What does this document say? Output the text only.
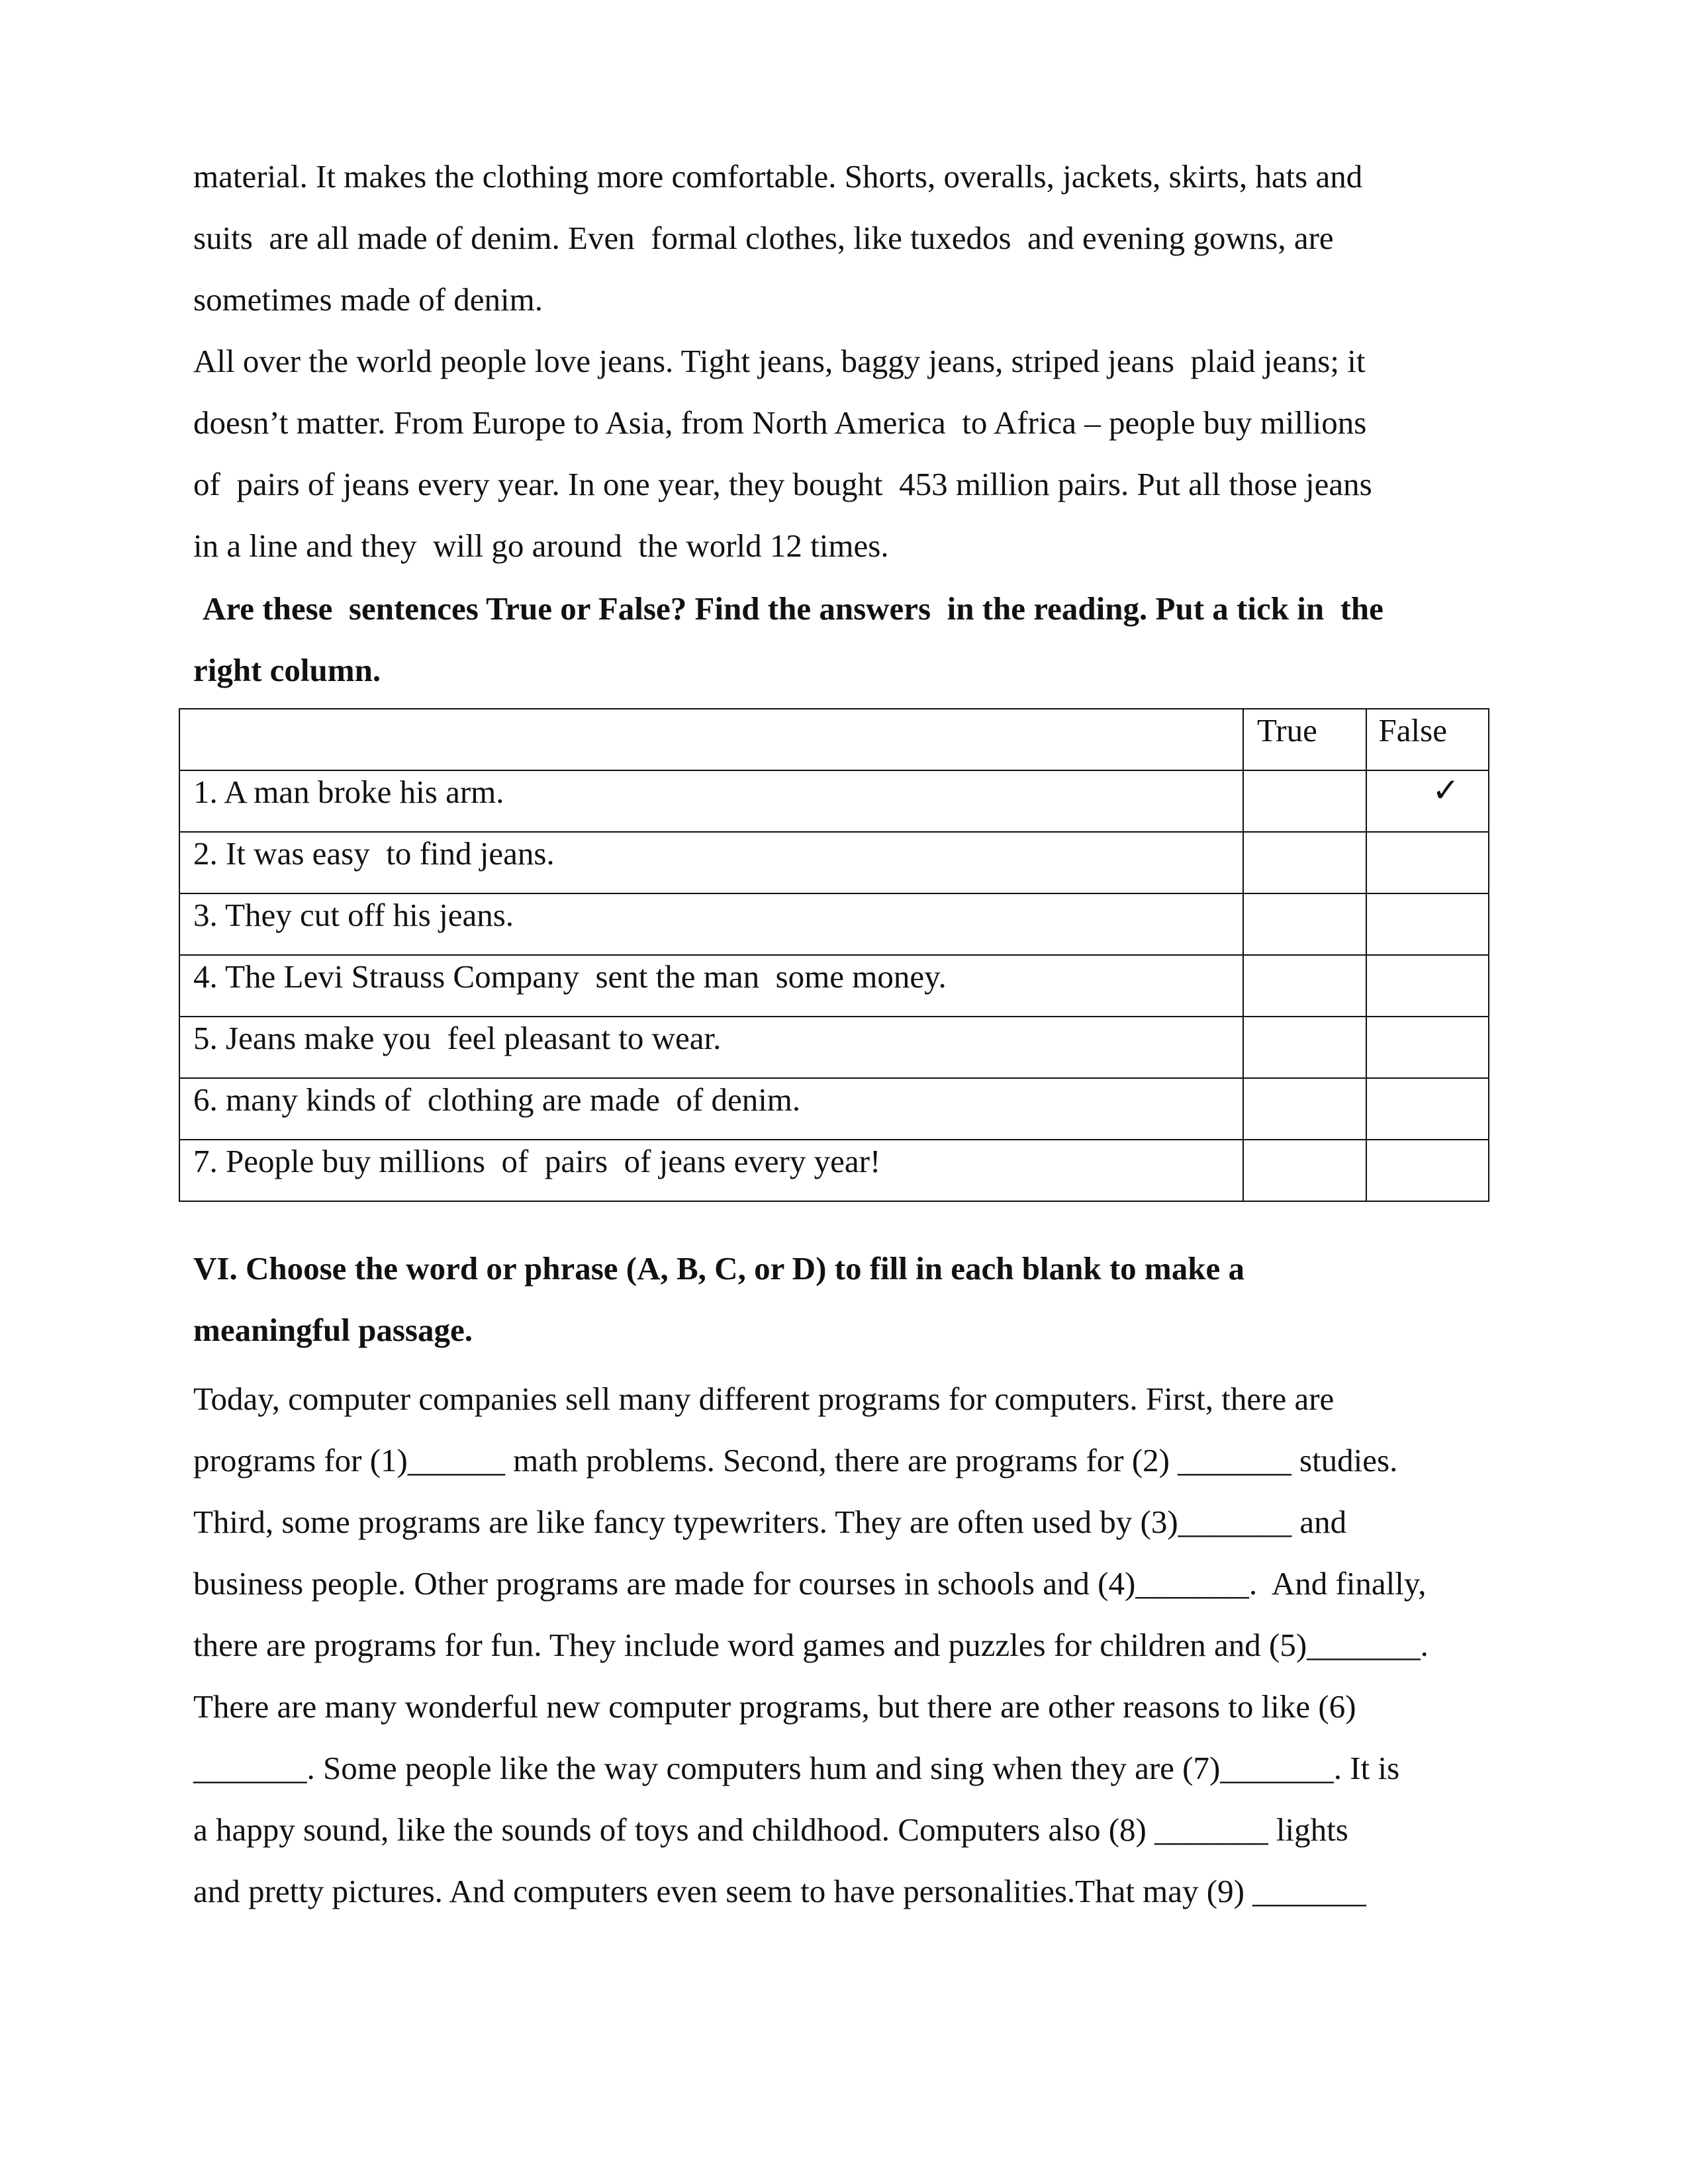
material. It makes the clothing more comfortable. Shorts, overalls, jackets, skirts, hats and
suits  are all made of denim. Even  formal clothes, like tuxedos  and evening gowns, are
sometimes made of denim.
All over the world people love jeans. Tight jeans, baggy jeans, striped jeans  plaid jeans; it
doesn’t matter. From Europe to Asia, from North America  to Africa – people buy millions
of  pairs of jeans every year. In one year, they bought  453 million pairs. Put all those jeans
in a line and they  will go around  the world 12 times.
Are these  sentences True or False? Find the answers  in the reading. Put a tick in  the
right column.
	True	False
1. A man broke his arm.		✓
2. It was easy  to find jeans.		
3. They cut off his jeans.		
4. The Levi Strauss Company  sent the man  some money.		
5. Jeans make you  feel pleasant to wear.		
6. many kinds of  clothing are made  of denim.		
7. People buy millions  of  pairs  of jeans every year!		
VI. Choose the word or phrase (A, B, C, or D) to fill in each blank to make a
meaningful passage.
Today, computer companies sell many different programs for computers. First, there are
programs for (1)______ math problems. Second, there are programs for (2) _______ studies.
Third, some programs are like fancy typewriters. They are often used by (3)_______ and
business people. Other programs are made for courses in schools and (4)_______.  And finally,
there are programs for fun. They include word games and puzzles for children and (5)_______.
There are many wonderful new computer programs, but there are other reasons to like (6)
_______. Some people like the way computers hum and sing when they are (7)_______. It is
a happy sound, like the sounds of toys and childhood. Computers also (8) _______ lights
and pretty pictures. And computers even seem to have personalities.That may (9) _______
